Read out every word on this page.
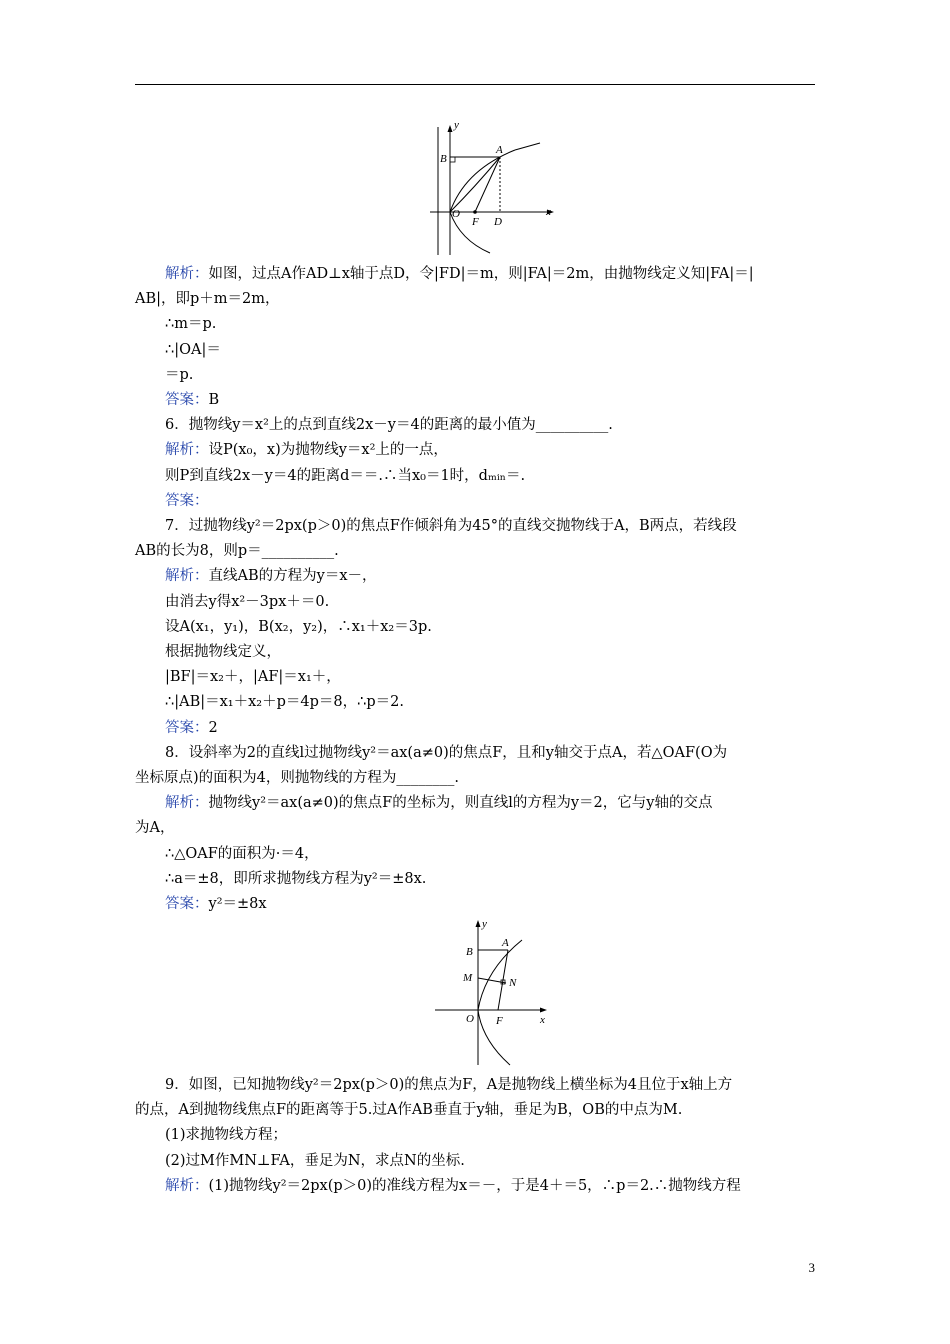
y
x
B
A
O
F D
y
x
B
A
M	N
O F
解析：如图，过点A作AD⊥x轴于点D，令|FD|＝m，则|FA|＝2m，由抛物线定义知|FA|＝|
AB|，即p＋m＝2m，
∴m＝p.
∴|OA|＝
＝p.
答案：B
6．抛物线y＝x²上的点到直线2x－y＝4的距离的最小值为__________.
解析：设P(x₀，x)为抛物线y＝x²上的一点，
则P到直线2x－y＝4的距离d＝＝.∴当x₀＝1时，dₘᵢₙ＝.
答案：
7．过抛物线y²＝2px(p＞0)的焦点F作倾斜角为45°的直线交抛物线于A，B两点，若线段
AB的长为8，则p＝__________.
解析：直线AB的方程为y＝x－，
由消去y得x²－3px＋＝0.
设A(x₁，y₁)，B(x₂，y₂)，∴x₁＋x₂＝3p.
根据抛物线定义，
|BF|＝x₂＋，|AF|＝x₁＋，
∴|AB|＝x₁＋x₂＋p＝4p＝8，∴p＝2.
答案：2
8．设斜率为2的直线l过抛物线y²＝ax(a≠0)的焦点F，且和y轴交于点A，若△OAF(O为
坐标原点)的面积为4，则抛物线的方程为________.
解析：抛物线y²＝ax(a≠0)的焦点F的坐标为，则直线l的方程为y＝2，它与y轴的交点
为A，
∴△OAF的面积为·＝4，
∴a＝±8，即所求抛物线方程为y²＝±8x.
答案：y²＝±8x
9．如图，已知抛物线y²＝2px(p＞0)的焦点为F，A是抛物线上横坐标为4且位于x轴上方
的点，A到抛物线焦点F的距离等于5.过A作AB垂直于y轴，垂足为B，OB的中点为M.
(1)求抛物线方程；
(2)过M作MN⊥FA，垂足为N，求点N的坐标.
解析：(1)抛物线y²＝2px(p＞0)的准线方程为x＝－，于是4＋＝5，∴p＝2.∴抛物线方程
3
